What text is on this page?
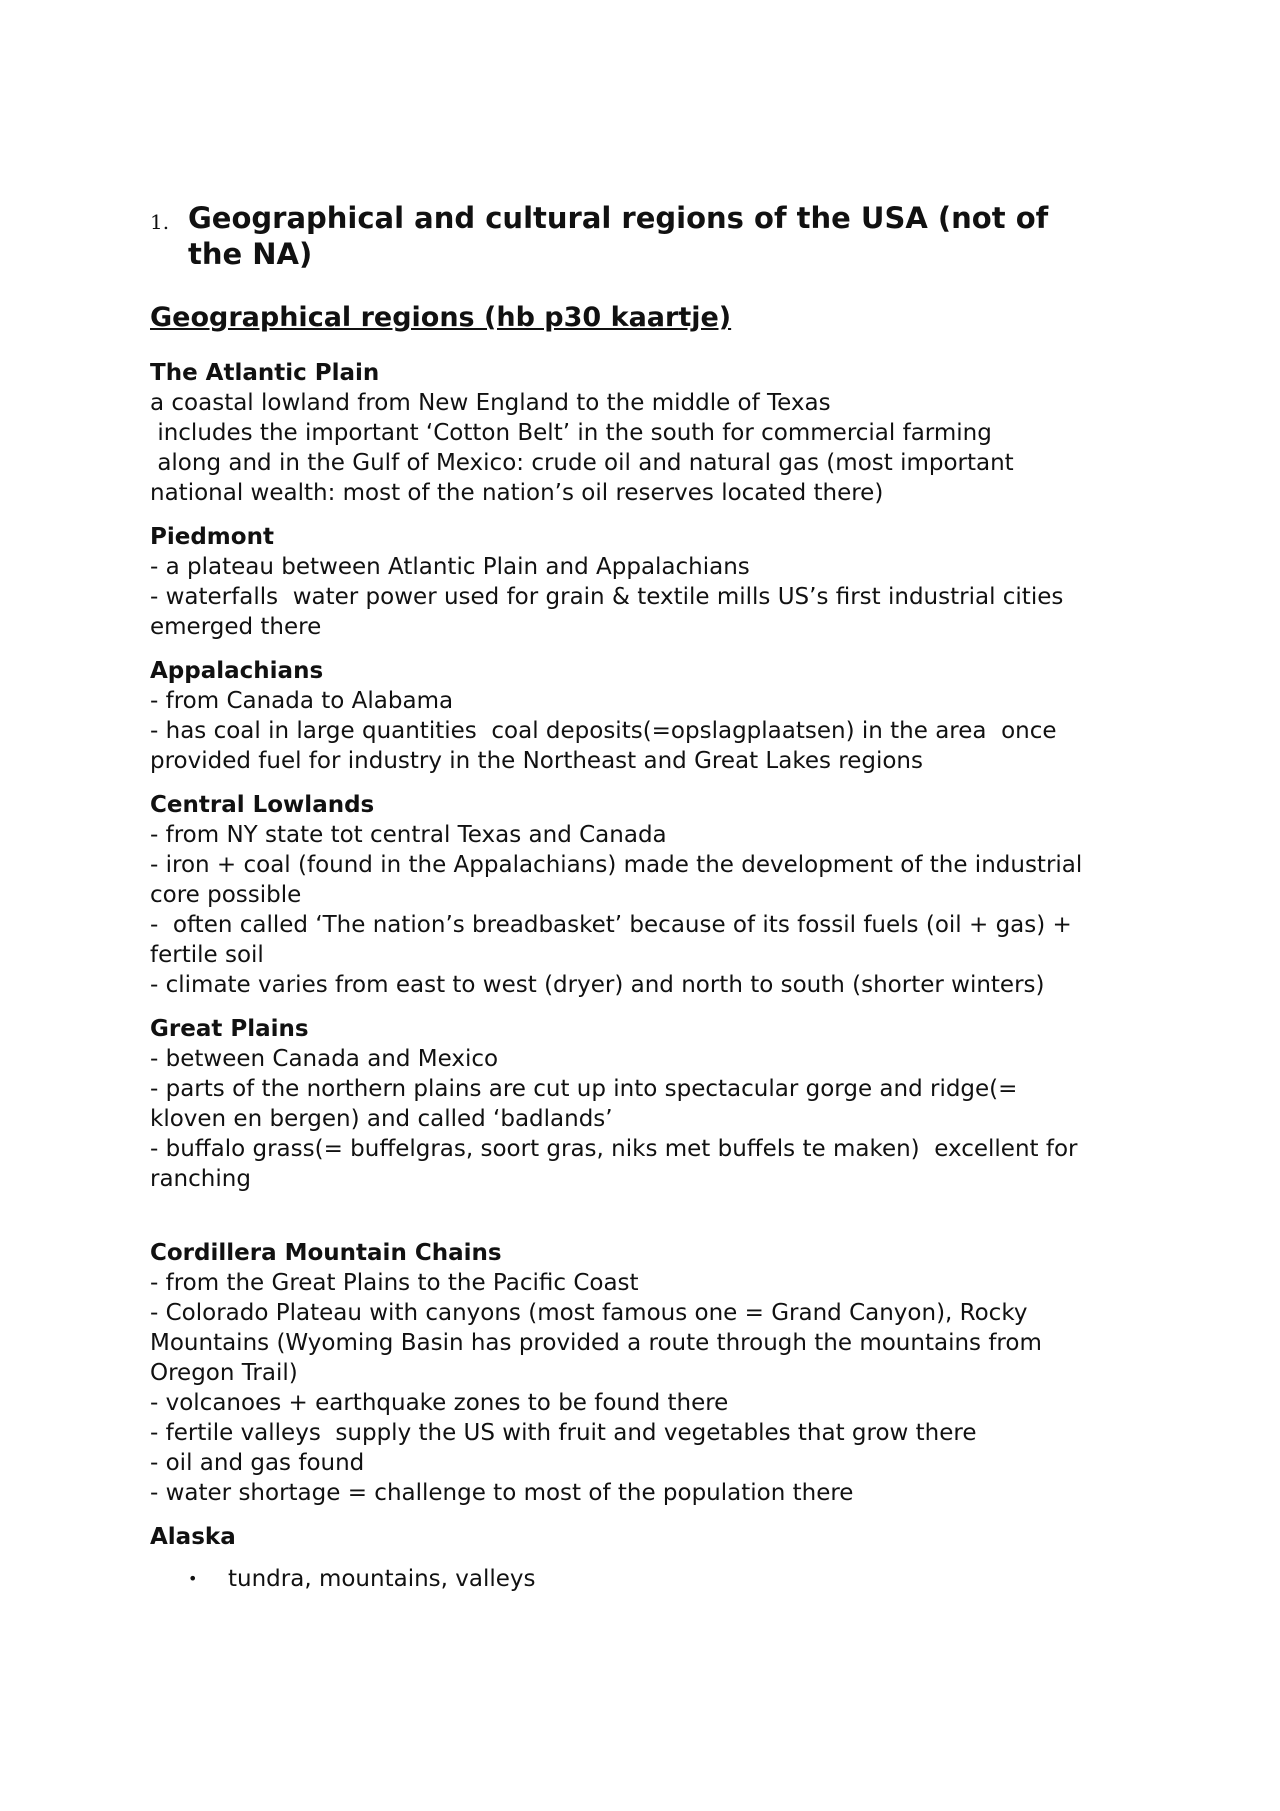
1. Geographical and cultural regions of the USA (not of
the NA)
Geographical regions (hb p30 kaartje)

The Atlantic Plain

a coastal lowland from New England to the middle of Texas

includes the important ‘Cotton Belt’ in the south for commercial farming

along and in the Gulf of Mexico: crude oil and natural gas (most important

national wealth: most of the nation’s oil reserves located there)

Piedmont

- a plateau between Atlantic Plain and Appalachians

- waterfalls  water power used for grain & textile mills US’s first industrial cities

emerged there

Appalachians

- from Canada to Alabama

- has coal in large quantities  coal deposits(=opslagplaatsen) in the area  once

provided fuel for industry in the Northeast and Great Lakes regions

Central Lowlands

- from NY state tot central Texas and Canada

- iron + coal (found in the Appalachians) made the development of the industrial

core possible

-  often called ‘The nation’s breadbasket’ because of its fossil fuels (oil + gas) +

fertile soil

- climate varies from east to west (dryer) and north to south (shorter winters)

Great Plains

- between Canada and Mexico

- parts of the northern plains are cut up into spectacular gorge and ridge(=

kloven en bergen) and called ‘badlands’

- buffalo grass(= buffelgras, soort gras, niks met buffels te maken)  excellent for

ranching

Cordillera Mountain Chains

- from the Great Plains to the Pacific Coast

- Colorado Plateau with canyons (most famous one = Grand Canyon), Rocky

Mountains (Wyoming Basin has provided a route through the mountains from

Oregon Trail)

- volcanoes + earthquake zones to be found there

- fertile valleys  supply the US with fruit and vegetables that grow there

- oil and gas found

- water shortage = challenge to most of the population there

Alaska

•	tundra, mountains, valleys
